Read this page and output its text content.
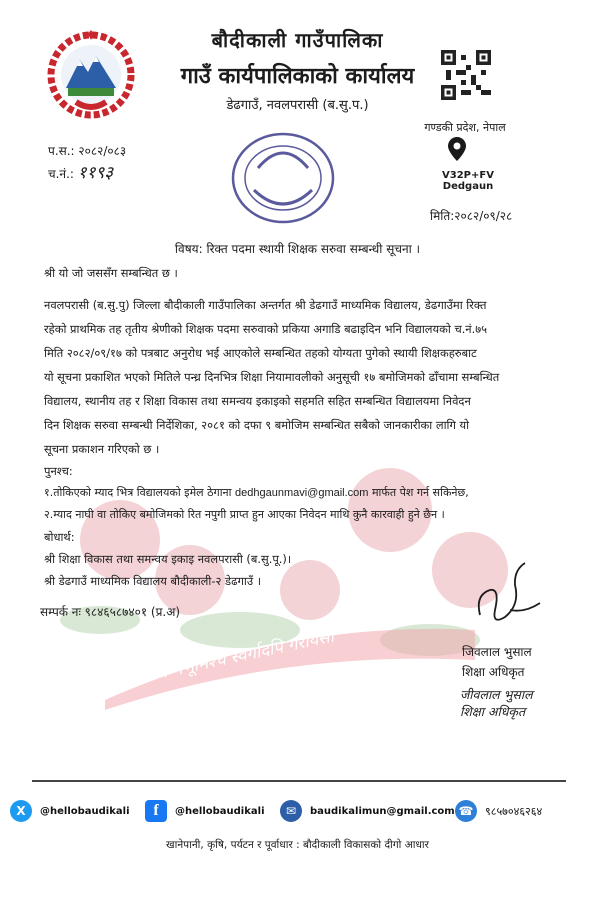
बौदीकाली गाउँपालिका
गाउँ कार्यपालिकाको कार्यालय
डेढगाउँ, नवलपरासी (ब.सु.प.)
गण्डकी प्रदेश, नेपाल
V32P+FV Dedgaun
प.स.: २०८२/०८३
च.नं.: ११९३
मिति:२०८२/०९/२८
विषय: रिक्त पदमा स्थायी शिक्षक सरुवा सम्बन्धी सूचना ।
श्री यो जो जससँग सम्बन्धित छ ।
नवलपरासी (ब.सु.पु) जिल्ला बौदीकाली गाउँपालिका अन्तर्गत श्री डेढगाउँ माध्यमिक विद्यालय, डेढगाउँमा रिक्त
रहेको प्राथमिक तह तृतीय श्रेणीको शिक्षक पदमा सरुवाको प्रकिया अगाडि बढाइदिन भनि विद्यालयको च.नं.७५
मिति २०८२/०९/१७ को पत्रबाट अनुरोध भई आएकोले सम्बन्धित तहको योग्यता पुगेको स्थायी शिक्षकहरुबाट
यो सूचना प्रकाशित भएको मितिले पन्ध्र दिनभित्र शिक्षा नियामावलीको अनुसूची १७ बमोजिमको ढाँचामा सम्बन्धित
विद्यालय, स्थानीय तह र शिक्षा विकास तथा समन्वय इकाइको सहमति सहित सम्बन्धित विद्यालयमा निवेदन
दिन शिक्षक सरुवा सम्बन्धी निर्देशिका, २०८१ को दफा ९ बमोजिम सम्बन्धित सबैको जानकारीका लागि यो
सूचना प्रकाशन गरिएको छ ।
पुनश्च:
१.तोकिएको म्याद भित्र विद्यालयको इमेल ठेगाना dedhgaunmavi@gmail.com मार्फत पेश गर्न सकिनेछ,
२.म्याद नाघी वा तोकिए बमोजिमको रित नपुगी प्राप्त हुन आएका निवेदन माथि कुनै कारवाही हुने छैन ।
बोधार्थ:
श्री शिक्षा विकास तथा समन्वय इकाइ नवलपरासी (ब.सु.पू.)।
श्री डेढगाउँ माध्यमिक विद्यालय बौदीकाली-२ डेढगाउँ ।
जननी जन्मभूमिश्च स्वर्गादपि गरीयसी
सम्पर्क नः ९८४६५८७४०१ (प्र.अ)
जिवलाल भुसाल
शिक्षा अधिकृत
जीवलाल भुसाल
शिक्षा अधिकृत
X	@hellobaudikali	f	@hellobaudikali	✉	baudikalimun@gmail.com ☎	९८५७०४६२६४
खानेपानी, कृषि, पर्यटन र पूर्वाधार : बौदीकाली विकासको दीगो आधार
